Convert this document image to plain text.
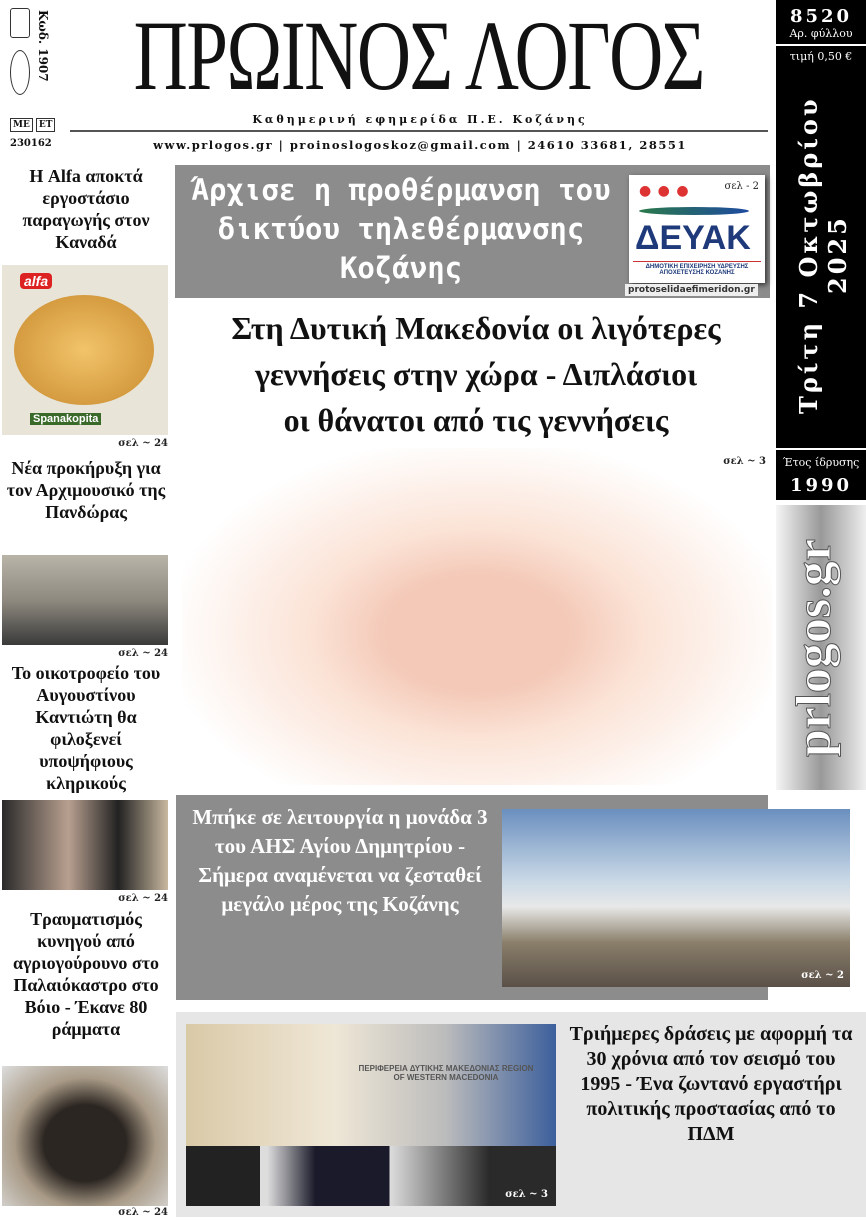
Κωδ. 1907
ΜΕ	ΕΤ
230162
ΠΡΩΙΝΟΣ ΛΟΓΟΣ
Καθημερινή εφημερίδα Π.Ε. Κοζάνης
www.prlogos.gr | proinoslogoskoz@gmail.com | 24610 33681, 28551
8520
Αρ. φύλλου
τιμή 0,50 €
Τρίτη 7 Οκτωβρίου 2025
Έτος ίδρυσης
1990
prlogos.gr
Η Alfa αποκτά εργοστάσιο παραγωγής στον Καναδά
alfa
Spanakopita
σελ ~ 24
Νέα προκήρυξη για τον Αρχιμουσικό της Πανδώρας
σελ ~ 24
Το οικοτροφείο του Αυγουστίνου Καντιώτη θα φιλοξενεί υποψήφιους κληρικούς
σελ ~ 24
Τραυματισμός κυνηγού από αγριογούρουνο στο Παλαιόκαστρο στο Βόιο - Έκανε 80 ράμματα
σελ ~ 24
Άρχισε η προθέρμανση του δικτύου τηλεθέρμανσης Κοζάνης
● ● ●	σελ - 2
ΔΕΥΑΚ
ΔΗΜΟΤΙΚΗ ΕΠΙΧΕΙΡΗΣΗ ΥΔΡΕΥΣΗΣ ΑΠΟΧΕΤΕΥΣΗΣ ΚΟΖΑΝΗΣ
protoselidaefimeridon.gr
Στη Δυτική Μακεδονία οι λιγότερες
γεννήσεις στην χώρα - Διπλάσιοι
οι θάνατοι από τις γεννήσεις
σελ ~ 3
Μπήκε σε λειτουργία η μονάδα 3 του ΑΗΣ Αγίου Δημητρίου - Σήμερα αναμένεται να ζεσταθεί μεγάλο μέρος της Κοζάνης
σελ ~ 2
ΠΕΡΙΦΕΡΕΙΑ ΔΥΤΙΚΗΣ ΜΑΚΕΔΟΝΙΑΣ REGION OF WESTERN MACEDONIA
σελ ~ 3
Τριήμερες δράσεις με αφορμή τα 30 χρόνια από τον σεισμό του 1995 - Ένα ζωντανό εργαστήρι πολιτικής προστασίας από το ΠΔΜ
